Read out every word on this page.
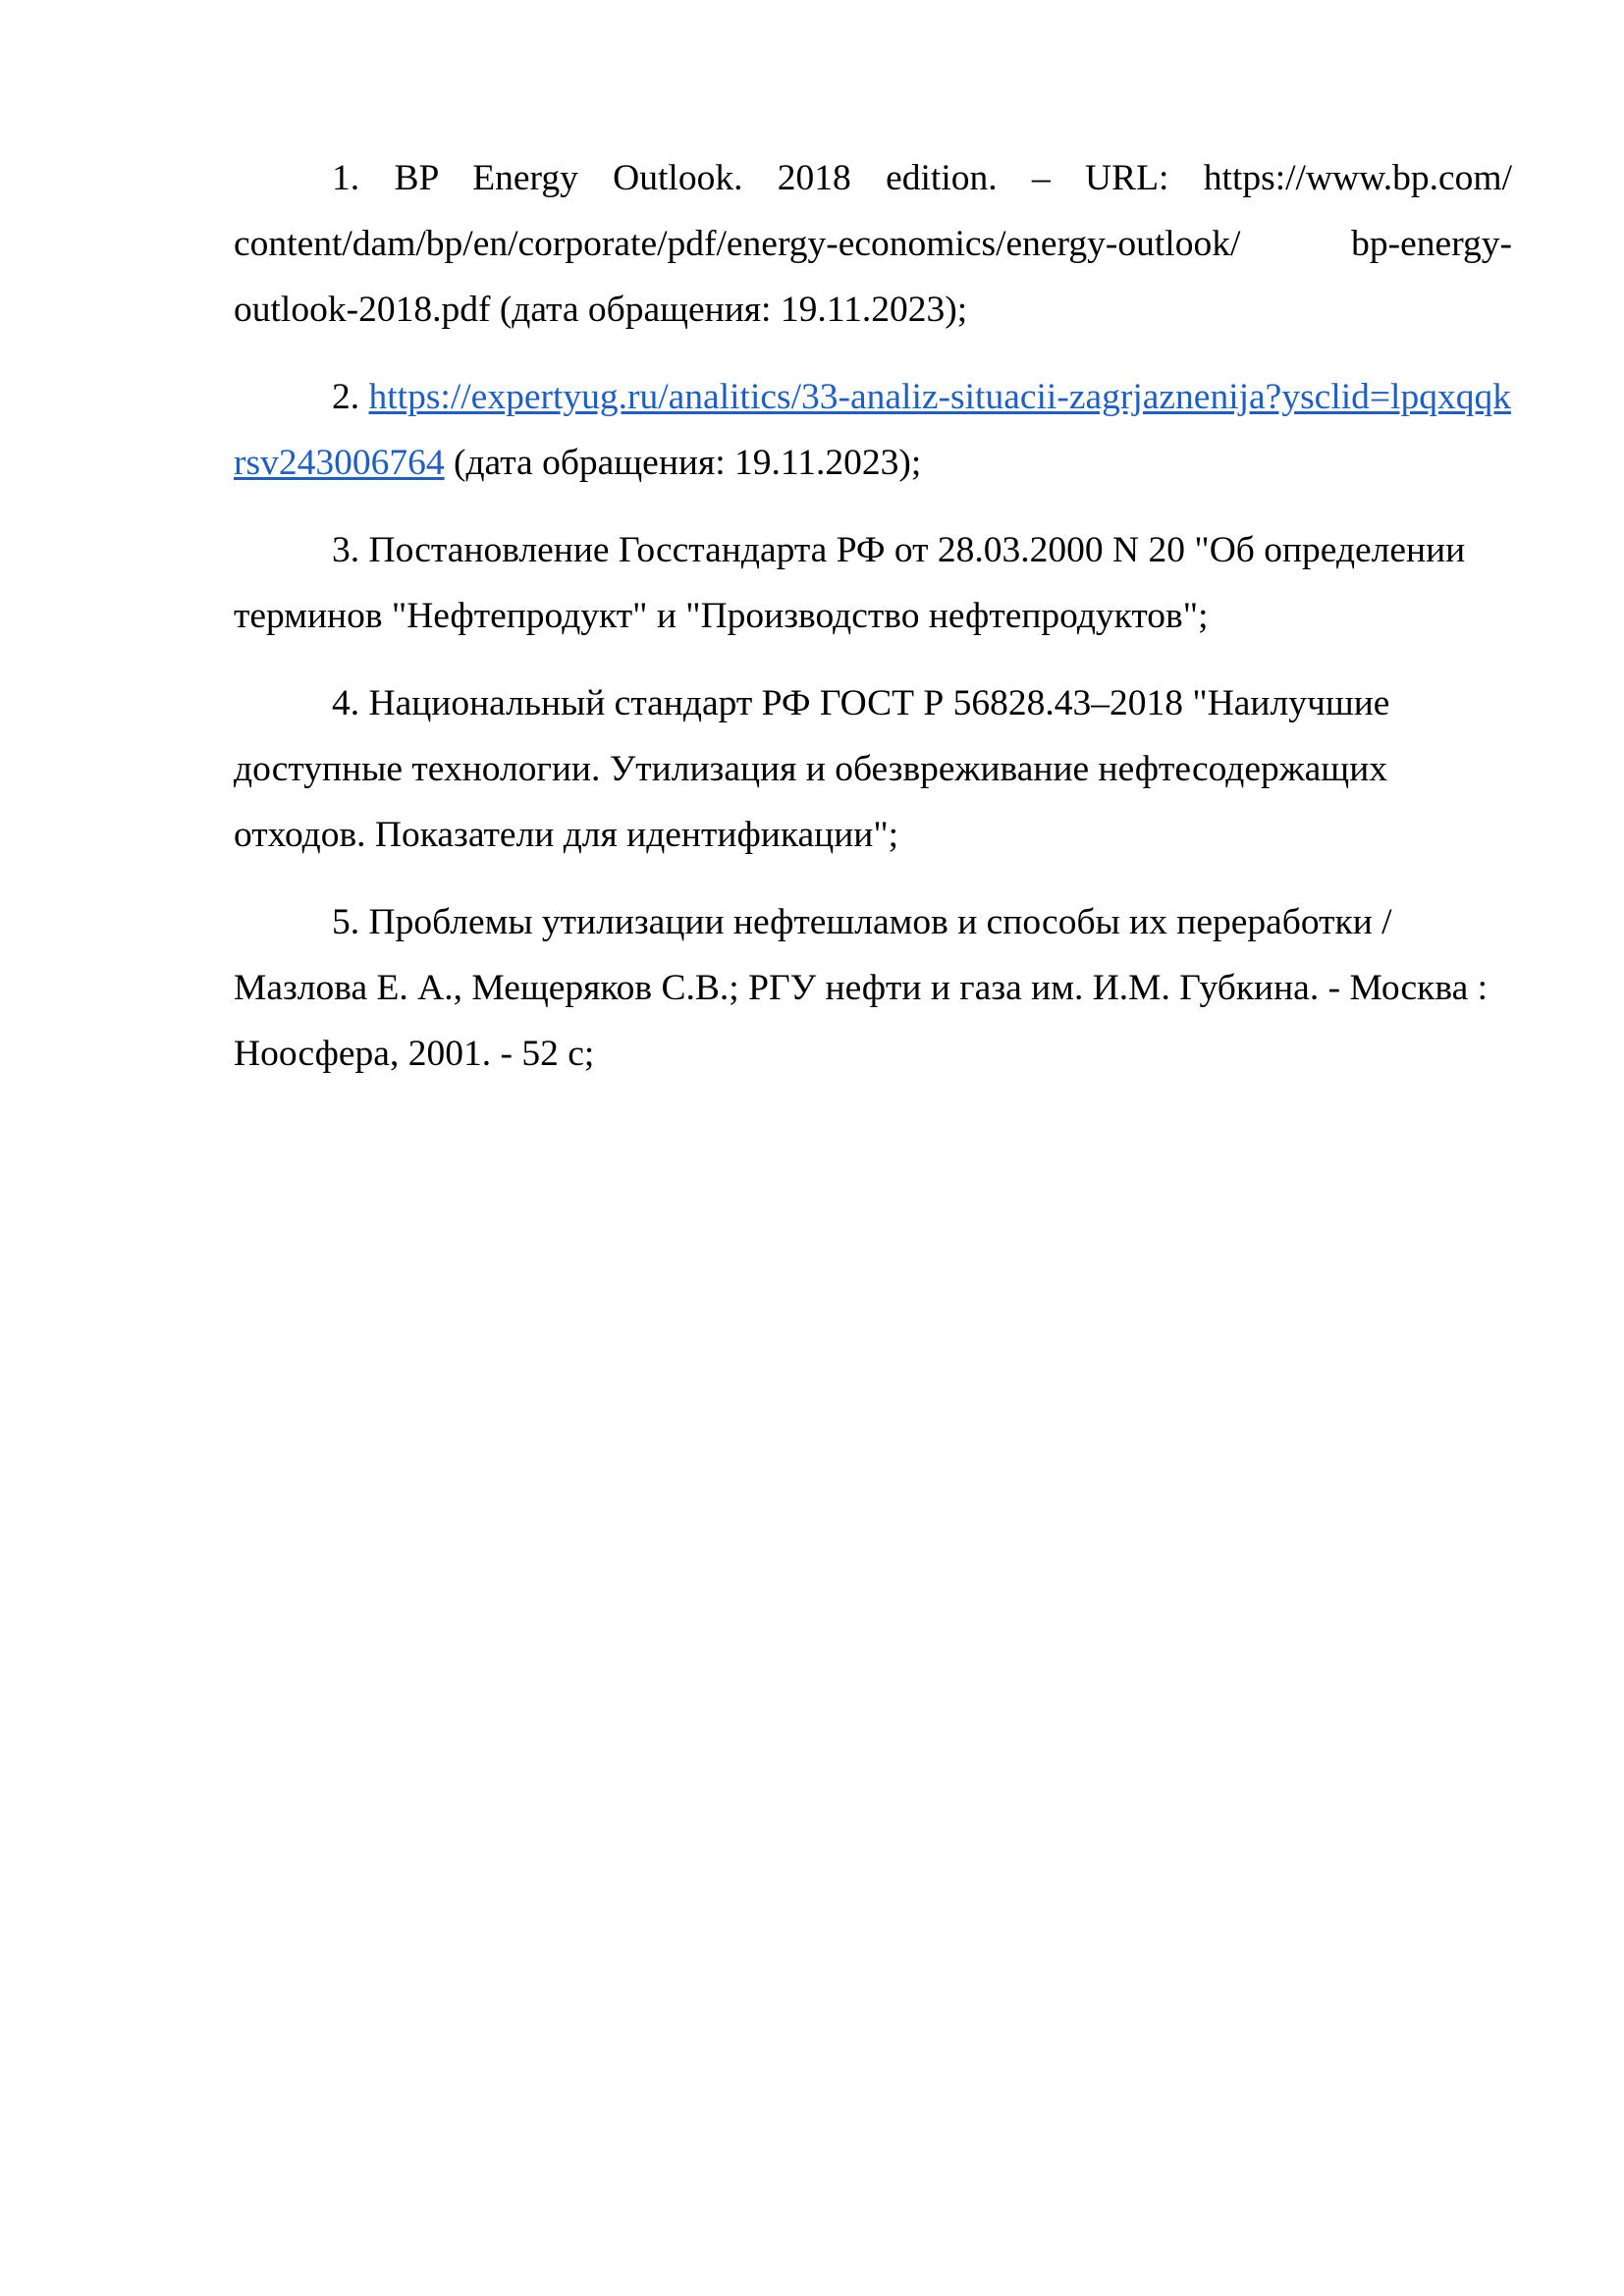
1. BP Energy Outlook. 2018 edition. – URL: https://www.bp.com/ content/dam/bp/en/corporate/pdf/energy-economics/energy-outlook/ bp-energy-outlook-2018.pdf (дата обращения: 19.11.2023);

2. https://expertyug.ru/analitics/33-analiz-situacii-zagrjaznenija?ysclid=lpqxqqkrsv243006764 (дата обращения: 19.11.2023);

3. Постановление Госстандарта РФ от 28.03.2000 N 20 "Об определении терминов "Нефтепродукт" и "Производство нефтепродуктов";

4. Национальный стандарт РФ ГОСТ Р 56828.43–2018 "Наилучшие доступные технологии. Утилизация и обезвреживание нефтесодержащих отходов. Показатели для идентификации";

5. Проблемы утилизации нефтешламов и способы их переработки / Мазлова Е. А., Мещеряков С.В.; РГУ нефти и газа им. И.М. Губкина. - Москва : Ноосфера, 2001. - 52 с;
